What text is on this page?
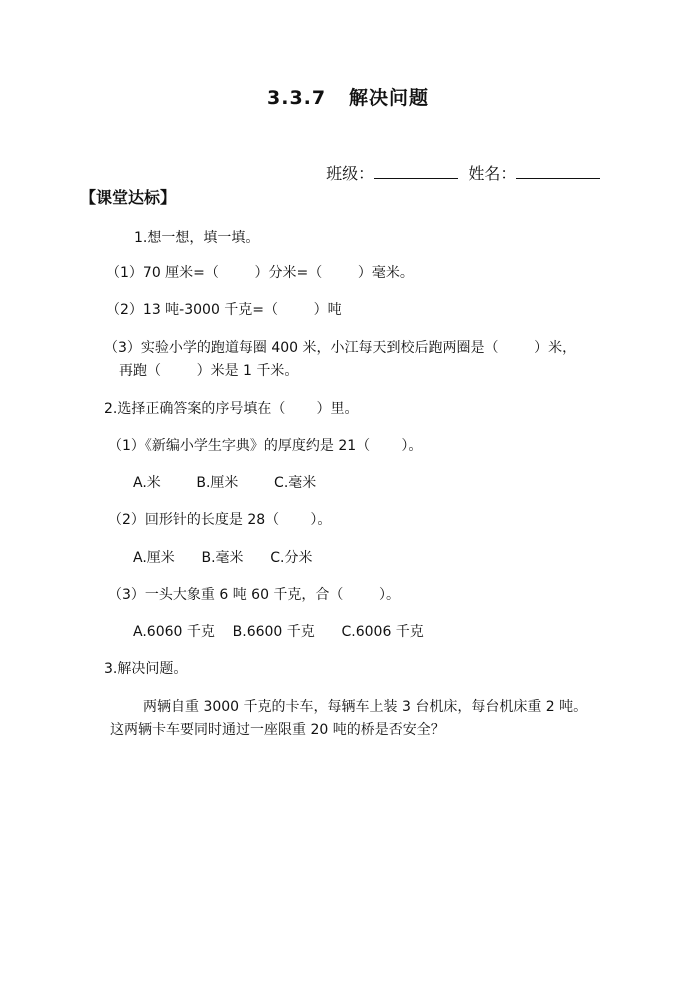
3.3.7   解决问题

班级：	姓名：

【课堂达标】
1.想一想，填一填。
（1）70 厘米=（        ）分米=（        ）毫米。
（2）13 吨-3000 千克=（        ）吨
（3）实验小学的跑道每圈 400 米，小江每天到校后跑两圈是（        ）米，
再跑（        ）米是 1 千米。
2.选择正确答案的序号填在（       ）里。
（1）《新编小学生字典》的厚度约是 21（       ）。
A.米        B.厘米        C.毫米
（2）回形针的长度是 28（       ）。
A.厘米      B.毫米      C.分米
（3）一头大象重 6 吨 60 千克，合（        ）。
A.6060 千克    B.6600 千克      C.6006 千克
3.解决问题。
两辆自重 3000 千克的卡车，每辆车上装 3 台机床，每台机床重 2 吨。
这两辆卡车要同时通过一座限重 20 吨的桥是否安全？
